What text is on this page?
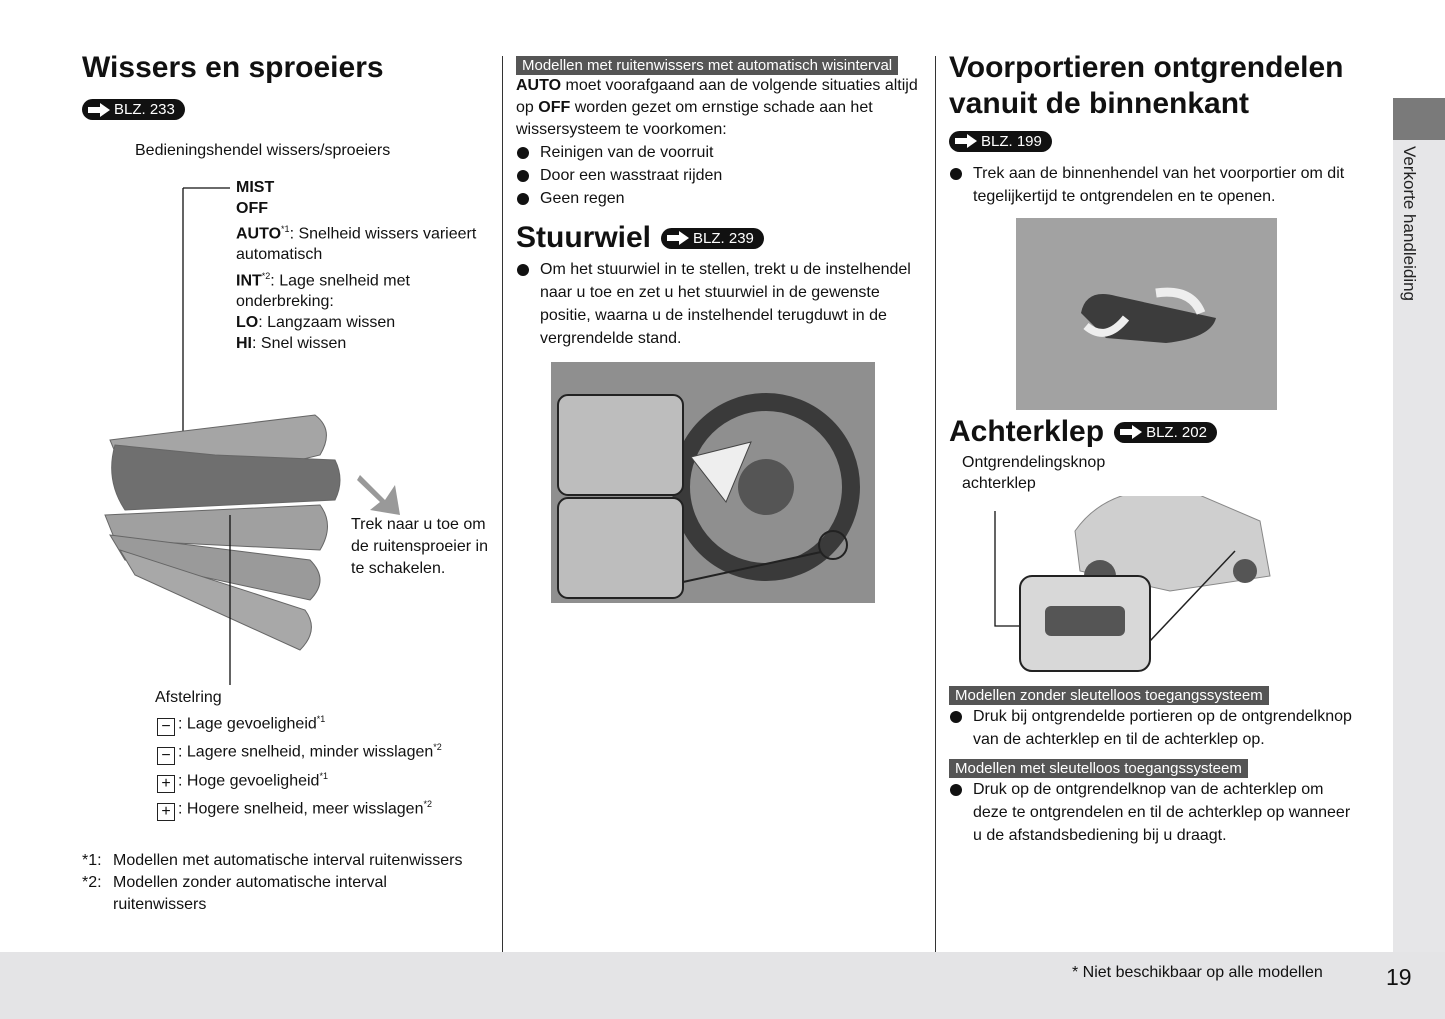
Verkorte handleiding
* Niet beschikbaar op alle modellen	19
Wissers en sproeiers
BLZ. 233
Bedieningshendel wissers/sproeiers
MIST
OFF
AUTO$^{*1}$: Snelheid wissers varieert automatisch
INT$^{*2}$: Lage snelheid met onderbreking:
LO: Langzaam wissen
HI: Snel wissen
Trek naar u toe om de ruitensproeier in te schakelen.
Afstelring
− : Lage gevoeligheid$^{*1}$
− : Lagere snelheid, minder wisslagen$^{*2}$
+ : Hoge gevoeligheid$^{*1}$
+ : Hogere snelheid, meer wisslagen$^{*2}$
*1: Modellen met automatische interval ruitenwissers
*2: Modellen zonder automatische interval ruitenwissers
Modellen met ruitenwissers met automatisch wisinterval
AUTO moet voorafgaand aan de volgende situaties altijd op OFF worden gezet om ernstige schade aan het wissersysteem te voorkomen:
Reinigen van de voorruit
Door een wasstraat rijden
Geen regen
Stuurwiel	BLZ. 239
Om het stuurwiel in te stellen, trekt u de instelhendel naar u toe en zet u het stuurwiel in de gewenste positie, waarna u de instelhendel terugduwt in de vergrendelde stand.
Voorportieren ontgrendelen vanuit de binnenkant
BLZ. 199
Trek aan de binnenhendel van het voorportier om dit tegelijkertijd te ontgrendelen en te openen.
Achterklep	BLZ. 202
Ontgrendelingsknop achterklep
Modellen zonder sleutelloos toegangssysteem
Druk bij ontgrendelde portieren op de ontgrendelknop van de achterklep en til de achterklep op.
Modellen met sleutelloos toegangssysteem
Druk op de ontgrendelknop van de achterklep om deze te ontgrendelen en til de achterklep op wanneer u de afstandsbediening bij u draagt.
